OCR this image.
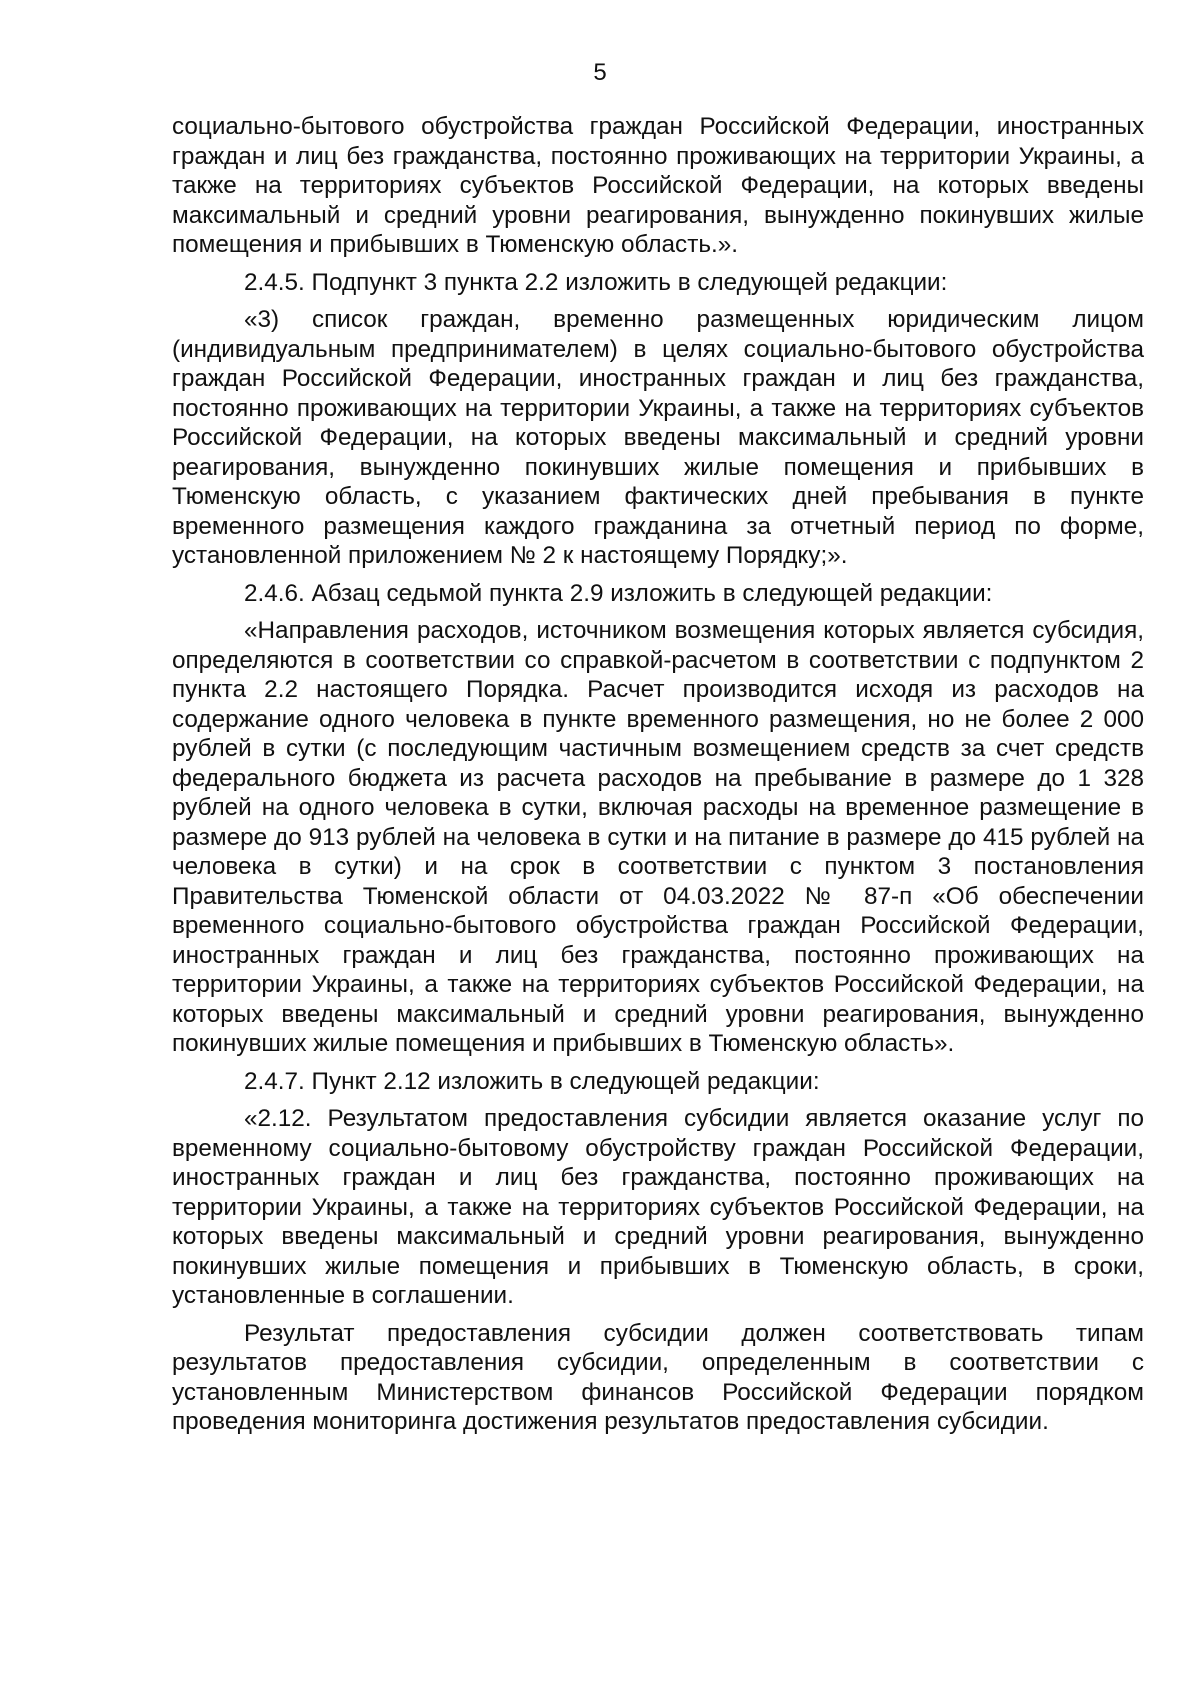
5

социально-бытового обустройства граждан Российской Федерации, иностранных граждан и лиц без гражданства, постоянно проживающих на территории Украины, а также на территориях субъектов Российской Федерации, на которых введены максимальный и средний уровни реагирования, вынужденно покинувших жилые помещения и прибывших в Тюменскую область.».

2.4.5. Подпункт 3 пункта 2.2 изложить в следующей редакции:

«3) список граждан, временно размещенных юридическим лицом (индивидуальным предпринимателем) в целях социально-бытового обустройства граждан Российской Федерации, иностранных граждан и лиц без гражданства, постоянно проживающих на территории Украины, а также на территориях субъектов Российской Федерации, на которых введены максимальный и средний уровни реагирования, вынужденно покинувших жилые помещения и прибывших в Тюменскую область, с указанием фактических дней пребывания в пункте временного размещения каждого гражданина за отчетный период по форме, установленной приложением № 2 к настоящему Порядку;».

2.4.6. Абзац седьмой пункта 2.9 изложить в следующей редакции:

«Направления расходов, источником возмещения которых является субсидия, определяются в соответствии со справкой-расчетом в соответствии с подпунктом 2 пункта 2.2 настоящего Порядка. Расчет производится исходя из расходов на содержание одного человека в пункте временного размещения, но не более 2 000 рублей в сутки (с последующим частичным возмещением средств за счет средств федерального бюджета из расчета расходов на пребывание в размере до 1 328 рублей на одного человека в сутки, включая расходы на временное размещение в размере до 913 рублей на человека в сутки и на питание в размере до 415 рублей на человека в сутки) и на срок в соответствии с пунктом 3 постановления Правительства Тюменской области от 04.03.2022 № 87-п «Об обеспечении временного социально-бытового обустройства граждан Российской Федерации, иностранных граждан и лиц без гражданства, постоянно проживающих на территории Украины, а также на территориях субъектов Российской Федерации, на которых введены максимальный и средний уровни реагирования, вынужденно покинувших жилые помещения и прибывших в Тюменскую область».

2.4.7. Пункт 2.12 изложить в следующей редакции:

«2.12. Результатом предоставления субсидии является оказание услуг по временному социально-бытовому обустройству граждан Российской Федерации, иностранных граждан и лиц без гражданства, постоянно проживающих на территории Украины, а также на территориях субъектов Российской Федерации, на которых введены максимальный и средний уровни реагирования, вынужденно покинувших жилые помещения и прибывших в Тюменскую область, в сроки, установленные в соглашении.

Результат предоставления субсидии должен соответствовать типам результатов предоставления субсидии, определенным в соответствии с установленным Министерством финансов Российской Федерации порядком проведения мониторинга достижения результатов предоставления субсидии.
